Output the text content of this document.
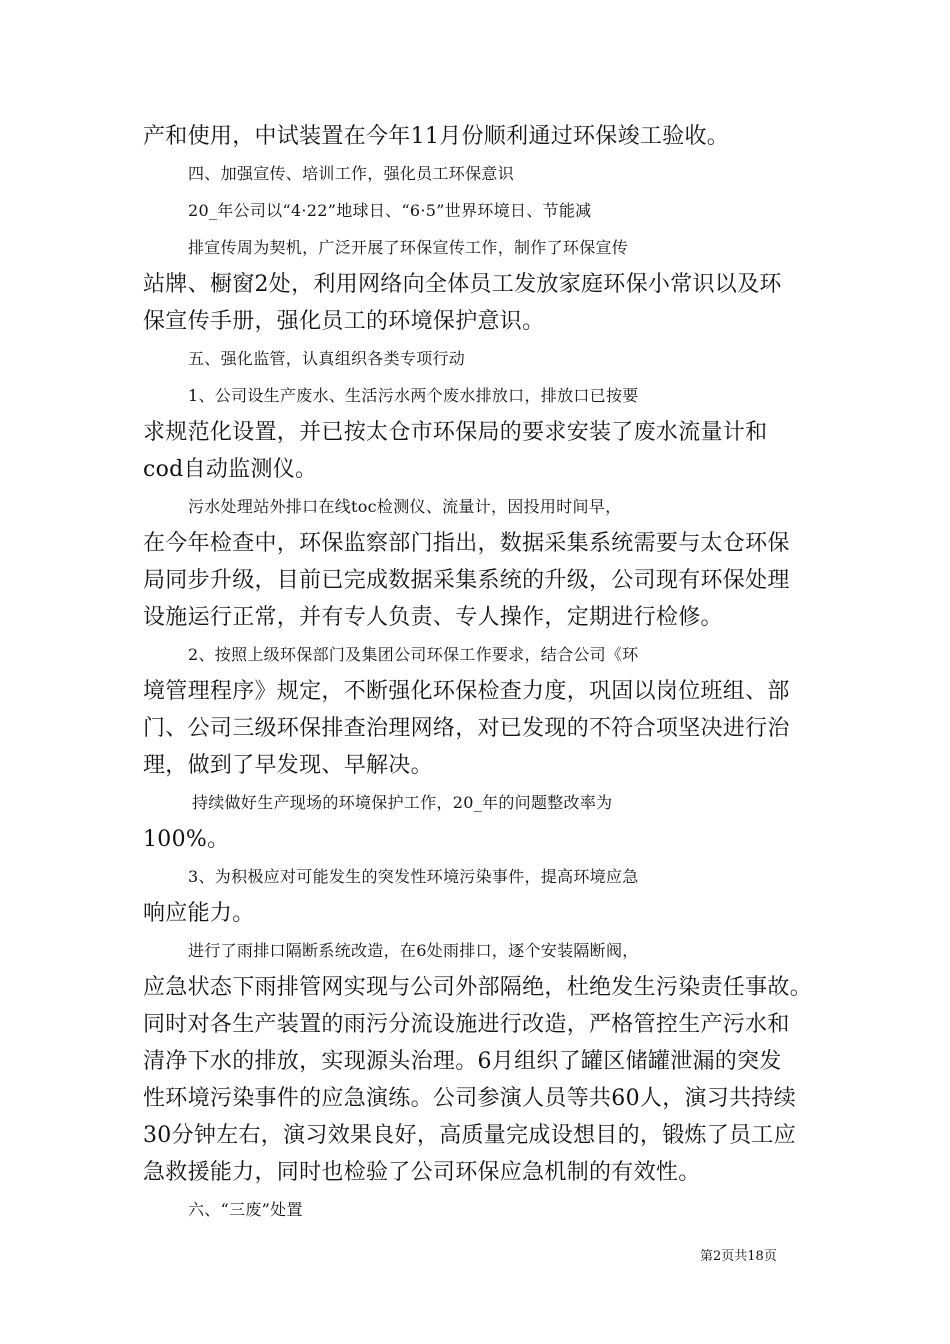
产和使用，中试装置在今年11月份顺利通过环保竣工验收。
四、加强宣传、培训工作，强化员工环保意识
20_年公司以“4·22”地球日、“6·5”世界环境日、节能减
排宣传周为契机，广泛开展了环保宣传工作，制作了环保宣传
站牌、橱窗2处，利用网络向全体员工发放家庭环保小常识以及环
保宣传手册，强化员工的环境保护意识。
五、强化监管，认真组织各类专项行动
1、公司设生产废水、生活污水两个废水排放口，排放口已按要
求规范化设置，并已按太仓市环保局的要求安装了废水流量计和
cod自动监测仪。
污水处理站外排口在线toc检测仪、流量计，因投用时间早，
在今年检查中，环保监察部门指出，数据采集系统需要与太仓环保
局同步升级，目前已完成数据采集系统的升级，公司现有环保处理
设施运行正常，并有专人负责、专人操作，定期进行检修。
2、按照上级环保部门及集团公司环保工作要求，结合公司《环
境管理程序》规定，不断强化环保检查力度，巩固以岗位班组、部
门、公司三级环保排查治理网络，对已发现的不符合项坚决进行治
理，做到了早发现、早解决。
持续做好生产现场的环境保护工作，20_年的问题整改率为
100%。
3、为积极应对可能发生的突发性环境污染事件，提高环境应急
响应能力。
进行了雨排口隔断系统改造，在6处雨排口，逐个安装隔断阀，
应急状态下雨排管网实现与公司外部隔绝，杜绝发生污染责任事故。
同时对各生产装置的雨污分流设施进行改造，严格管控生产污水和
清净下水的排放，实现源头治理。6月组织了罐区储罐泄漏的突发
性环境污染事件的应急演练。公司参演人员等共60人，演习共持续
30分钟左右，演习效果良好，高质量完成设想目的，锻炼了员工应
急救援能力，同时也检验了公司环保应急机制的有效性。
六、“三废”处置
第2页共18页
